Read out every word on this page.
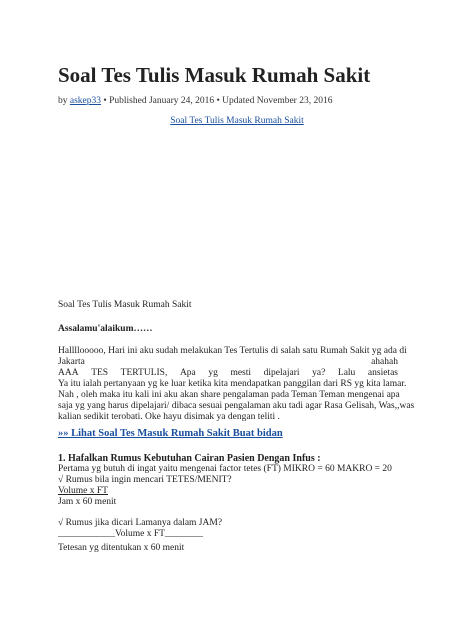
Soal Tes Tulis Masuk Rumah Sakit
by askep33 • Published January 24, 2016 • Updated November 23, 2016
Soal Tes Tulis Masuk Rumah Sakit
Soal Tes Tulis Masuk Rumah Sakit
Assalamu'alaikum……
Hallllooooo, Hari ini aku sudah melakukan Tes Tertulis di salah satu Rumah Sakit yg ada di
Jakarta	ahahah
AAA TES TERTULIS, Apa yg mesti dipelajari ya? Lalu ansietas
Ya itu ialah pertanyaan yg ke luar ketika kita mendapatkan panggilan dari RS yg kita lamar.
Nah , oleh maka itu kali ini aku akan share pengalaman pada Teman Teman mengenai apa
saja yg yang harus dipelajari/ dibaca sesuai pengalaman aku tadi agar Rasa Gelisah, Was,,was
kalian sedikit terobati. Oke hayu disimak ya dengan teliti .
»» Lihat Soal Tes Masuk Rumah Sakit Buat bidan
1. Hafalkan Rumus Kebutuhan Cairan Pasien Dengan Infus :
Pertama yg butuh di ingat yaitu mengenai factor tetes (FT) MIKRO = 60 MAKRO = 20
√ Rumus bila ingin mencari TETES/MENIT?
Volume x FT
Jam x 60 menit
√ Rumus jika dicari Lamanya dalam JAM?
____________Volume x FT________
Tetesan yg ditentukan x 60 menit
